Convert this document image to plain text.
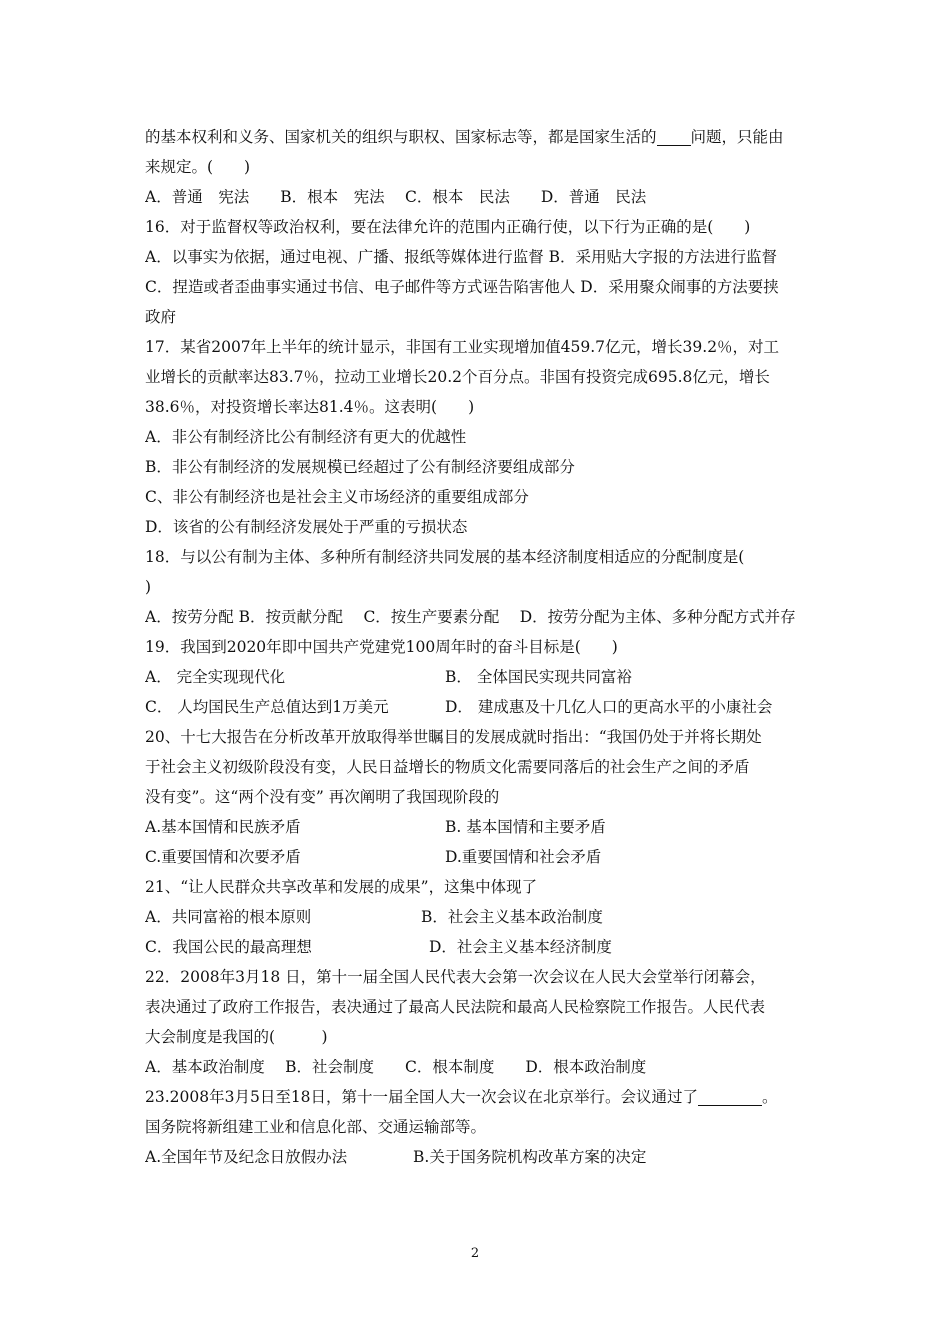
的基本权利和义务、国家机关的组织与职权、国家标志等，都是国家生活的 问题，只能由
来规定。(　　)
A．普通　宪法　　B．根本　宪法　 C．根本　民法　　D．普通　民法
16．对于监督权等政治权利，要在法律允许的范围内正确行使，以下行为正确的是(　　)
A．以事实为依据，通过电视、广播、报纸等媒体进行监督 B．采用贴大字报的方法进行监督
C．捏造或者歪曲事实通过书信、电子邮件等方式诬告陷害他人 D．采用聚众闹事的方法要挟
政府
17．某省2007年上半年的统计显示，非国有工业实现增加值459.7亿元，增长39.2％，对工
业增长的贡献率达83.7％，拉动工业增长20.2个百分点。非国有投资完成695.8亿元，增长
38.6％，对投资增长率达81.4％。这表明(　　)
A．非公有制经济比公有制经济有更大的优越性
B．非公有制经济的发展规模已经超过了公有制经济要组成部分
C、非公有制经济也是社会主义市场经济的重要组成部分
D．该省的公有制经济发展处于严重的亏损状态
18．与以公有制为主体、多种所有制经济共同发展的基本经济制度相适应的分配制度是(
)
A．按劳分配 B．按贡献分配　 C．按生产要素分配　 D．按劳分配为主体、多种分配方式并存
19．我国到2020年即中国共产党建党100周年时的奋斗目标是(　　)
A． 完全实现现代化	B． 全体国民实现共同富裕
C． 人均国民生产总值达到1万美元	D． 建成惠及十几亿人口的更高水平的小康社会
20、十七大报告在分析改革开放取得举世瞩目的发展成就时指出：“我国仍处于并将长期处
于社会主义初级阶段没有变，人民日益增长的物质文化需要同落后的社会生产之间的矛盾
没有变”。这“两个没有变” 再次阐明了我国现阶段的
A.基本国情和民族矛盾	B. 基本国情和主要矛盾
C.重要国情和次要矛盾	D.重要国情和社会矛盾
21、“让人民群众共享改革和发展的成果”，这集中体现了
A．共同富裕的根本原则	B．社会主义基本政治制度
C．我国公民的最高理想	D．社会主义基本经济制度
22．2008年3月18 日，第十一届全国人民代表大会第一次会议在人民大会堂举行闭幕会，
表决通过了政府工作报告，表决通过了最高人民法院和最高人民检察院工作报告。人民代表
大会制度是我国的(　　　)
A．基本政治制度　 B．社会制度　　C．根本制度　　D．根本政治制度
23.2008年3月5日至18日，第十一届全国人大一次会议在北京举行。会议通过了	。
国务院将新组建工业和信息化部、交通运输部等。
A.全国年节及纪念日放假办法	B.关于国务院机构改革方案的决定
2
